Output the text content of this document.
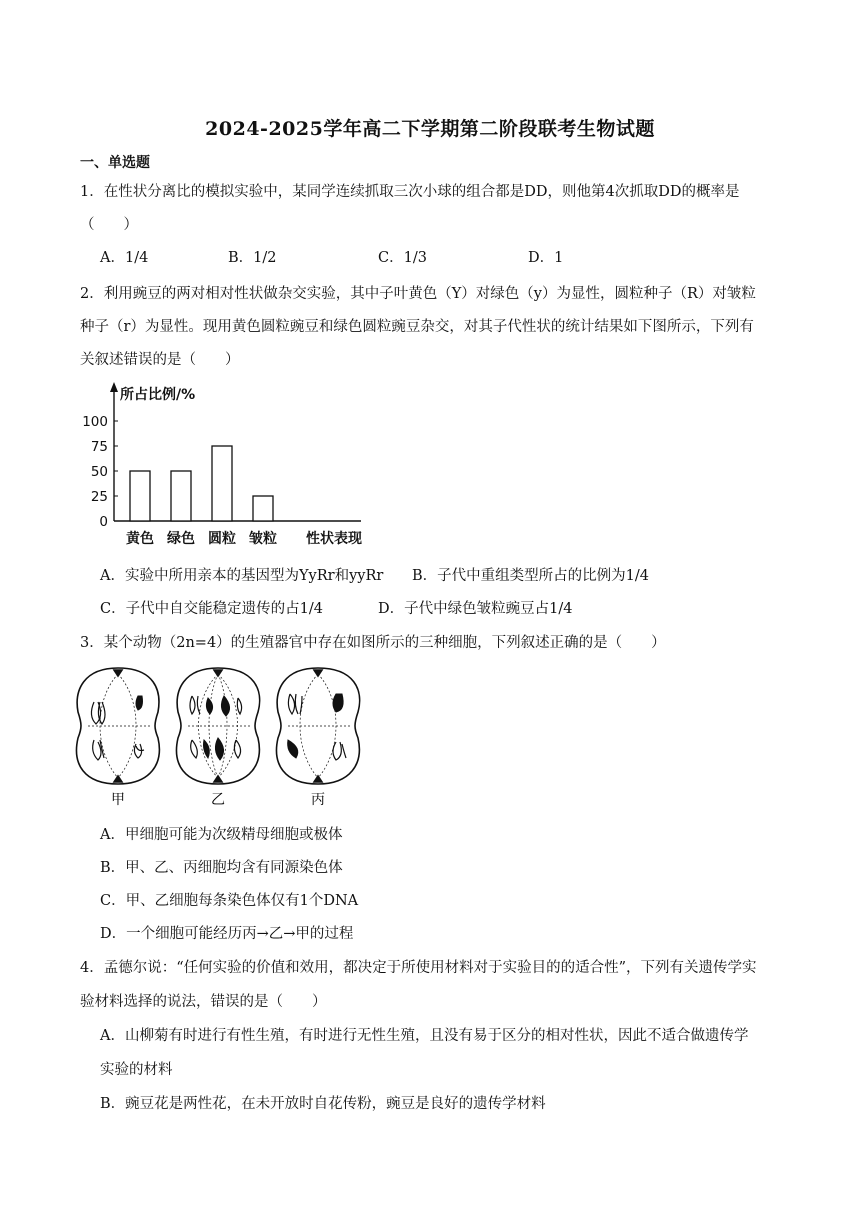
2024-2025学年高二下学期第二阶段联考生物试题
一、单选题
1．在性状分离比的模拟实验中，某同学连续抓取三次小球的组合都是DD，则他第4次抓取DD的概率是
（　　）
A．1/4	B．1/2	C．1/3	D．1
2．利用豌豆的两对相对性状做杂交实验，其中子叶黄色（Y）对绿色（y）为显性，圆粒种子（R）对皱粒
种子（r）为显性。现用黄色圆粒豌豆和绿色圆粒豌豆杂交，对其子代性状的统计结果如下图所示，下列有
关叙述错误的是（　　）
所占比例/%
0
25
50
75
100
黄色 绿色 圆粒 皱粒 性状表现
A．实验中所用亲本的基因型为YyRr和yyRr B．子代中重组类型所占的比例为1/4
C．子代中自交能稳定遗传的占1/4	D．子代中绿色皱粒豌豆占1/4
3．某个动物（2n=4）的生殖器官中存在如图所示的三种细胞，下列叙述正确的是（　　）
甲	乙	丙
A．甲细胞可能为次级精母细胞或极体
B．甲、乙、丙细胞均含有同源染色体
C．甲、乙细胞每条染色体仅有1个DNA
D．一个细胞可能经历丙→乙→甲的过程
4．孟德尔说：“任何实验的价值和效用，都决定于所使用材料对于实验目的的适合性”，下列有关遗传学实
验材料选择的说法，错误的是（　　）
A．山柳菊有时进行有性生殖，有时进行无性生殖，且没有易于区分的相对性状，因此不适合做遗传学
实验的材料
B．豌豆花是两性花，在未开放时自花传粉，豌豆是良好的遗传学材料
